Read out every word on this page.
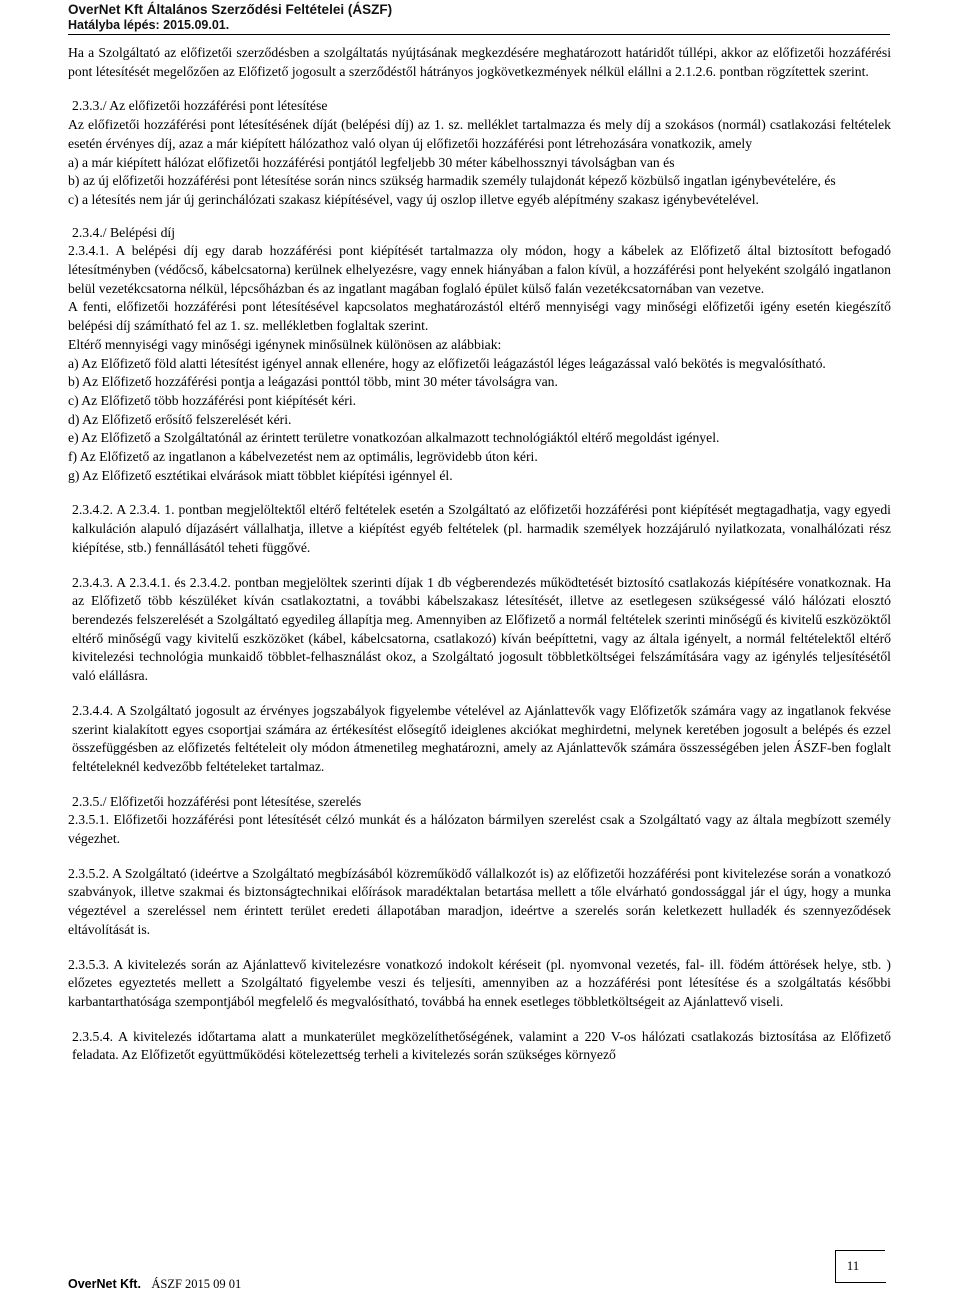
OverNet Kft Általános Szerződési Feltételei (ÁSZF)
Hatályba lépés: 2015.09.01.

Ha a Szolgáltató az előfizetői szerződésben a szolgáltatás nyújtásának megkezdésére meghatározott határidőt túllépi, akkor az előfizetői hozzáférési pont létesítését megelőzően az Előfizető jogosult a szerződéstől hátrányos jogkövetkezmények nélkül elállni a 2.1.2.6. pontban rögzítettek szerint.

2.3.3./ Az előfizetői hozzáférési pont létesítése

Az előfizetői hozzáférési pont létesítésének díját (belépési díj) az 1. sz. melléklet tartalmazza és mely díj a szokásos (normál) csatlakozási feltételek esetén érvényes díj, azaz a már kiépített hálózathoz való olyan új előfizetői hozzáférési pont létrehozására vonatkozik, amely

a) a már kiépített hálózat előfizetői hozzáférési pontjától legfeljebb 30 méter kábelhossznyi távolságban van és

b) az új előfizetői hozzáférési pont létesítése során nincs szükség harmadik személy tulajdonát képező közbülső ingatlan igénybevételére, és

c) a létesítés nem jár új gerinchálózati szakasz kiépítésével, vagy új oszlop illetve egyéb alépítmény szakasz igénybevételével.

2.3.4./ Belépési díj

2.3.4.1. A belépési díj egy darab hozzáférési pont kiépítését tartalmazza oly módon, hogy a kábelek az Előfizető által biztosított befogadó létesítményben (védőcső, kábelcsatorna) kerülnek elhelyezésre, vagy ennek hiányában a falon kívül, a hozzáférési pont helyeként szolgáló ingatlanon belül vezetékcsatorna nélkül, lépcsőházban és az ingatlant magában foglaló épület külső falán vezetékcsatornában van vezetve.

A fenti, előfizetői hozzáférési pont létesítésével kapcsolatos meghatározástól eltérő mennyiségi vagy minőségi előfizetői igény esetén kiegészítő belépési díj számítható fel az 1. sz. mellékletben foglaltak szerint.

Eltérő mennyiségi vagy minőségi igénynek minősülnek különösen az alábbiak:

a) Az Előfizető föld alatti létesítést igényel annak ellenére, hogy az előfizetői leágazástól léges leágazással való bekötés is megvalósítható.

b) Az Előfizető hozzáférési pontja a leágazási ponttól több, mint 30 méter távolságra van.

c) Az Előfizető több hozzáférési pont kiépítését kéri.

d) Az Előfizető erősítő felszerelését kéri.

e) Az Előfizető a Szolgáltatónál az érintett területre vonatkozóan alkalmazott technológiáktól eltérő megoldást igényel.

f) Az Előfizető az ingatlanon a kábelvezetést nem az optimális, legrövidebb úton kéri.

g) Az Előfizető esztétikai elvárások miatt többlet kiépítési igénnyel él.

2.3.4.2. A 2.3.4. 1. pontban megjelöltektől eltérő feltételek esetén a Szolgáltató az előfizetői hozzáférési pont kiépítését megtagadhatja, vagy egyedi kalkuláción alapuló díjazásért vállalhatja, illetve a kiépítést egyéb feltételek (pl. harmadik személyek hozzájáruló nyilatkozata, vonalhálózati rész kiépítése, stb.) fennállásától teheti függővé.

2.3.4.3. A 2.3.4.1. és 2.3.4.2. pontban megjelöltek szerinti díjak 1 db végberendezés működtetését biztosító csatlakozás kiépítésére vonatkoznak. Ha az Előfizető több készüléket kíván csatlakoztatni, a további kábelszakasz létesítését, illetve az esetlegesen szükségessé váló hálózati elosztó berendezés felszerelését a Szolgáltató egyedileg állapítja meg. Amennyiben az Előfizető a normál feltételek szerinti minőségű és kivitelű eszközöktől eltérő minőségű vagy kivitelű eszközöket (kábel, kábelcsatorna, csatlakozó) kíván beépíttetni, vagy az általa igényelt, a normál feltételektől eltérő kivitelezési technológia munkaidő többlet-felhasználást okoz, a Szolgáltató jogosult többletköltségei felszámítására vagy az igénylés teljesítésétől való elállásra.

2.3.4.4. A Szolgáltató jogosult az érvényes jogszabályok figyelembe vételével az Ajánlattevők vagy Előfizetők számára vagy az ingatlanok fekvése szerint kialakított egyes csoportjai számára az értékesítést elősegítő ideiglenes akciókat meghirdetni, melynek keretében jogosult a belépés és ezzel összefüggésben az előfizetés feltételeit oly módon átmenetileg meghatározni, amely az Ajánlattevők számára összességében jelen ÁSZF-ben foglalt feltételeknél kedvezőbb feltételeket tartalmaz.

2.3.5./ Előfizetői hozzáférési pont létesítése, szerelés

2.3.5.1. Előfizetői hozzáférési pont létesítését célzó munkát és a hálózaton bármilyen szerelést csak a Szolgáltató vagy az általa megbízott személy végezhet.

2.3.5.2. A Szolgáltató (ideértve a Szolgáltató megbízásából közreműködő vállalkozót is) az előfizetői hozzáférési pont kivitelezése során a vonatkozó szabványok, illetve szakmai és biztonságtechnikai előírások maradéktalan betartása mellett a tőle elvárható gondossággal jár el úgy, hogy a munka végeztével a szereléssel nem érintett terület eredeti állapotában maradjon, ideértve a szerelés során keletkezett hulladék és szennyeződések eltávolítását is.

2.3.5.3. A kivitelezés során az Ajánlattevő kivitelezésre vonatkozó indokolt kéréseit (pl. nyomvonal vezetés, fal- ill. födém áttörések helye, stb. ) előzetes egyeztetés mellett a Szolgáltató figyelembe veszi és teljesíti, amennyiben az a hozzáférési pont létesítése és a szolgáltatás későbbi karbantarthatósága szempontjából megfelelő és megvalósítható, továbbá ha ennek esetleges többletköltségeit az Ajánlattevő viseli.

2.3.5.4. A kivitelezés időtartama alatt a munkaterület megközelíthetőségének, valamint a 220 V-os hálózati csatlakozás biztosítása az Előfizető feladata. Az Előfizetőt együttműködési kötelezettség terheli a kivitelezés során szükséges környező

11
OverNet Kft. ÁSZF 2015 09 01
